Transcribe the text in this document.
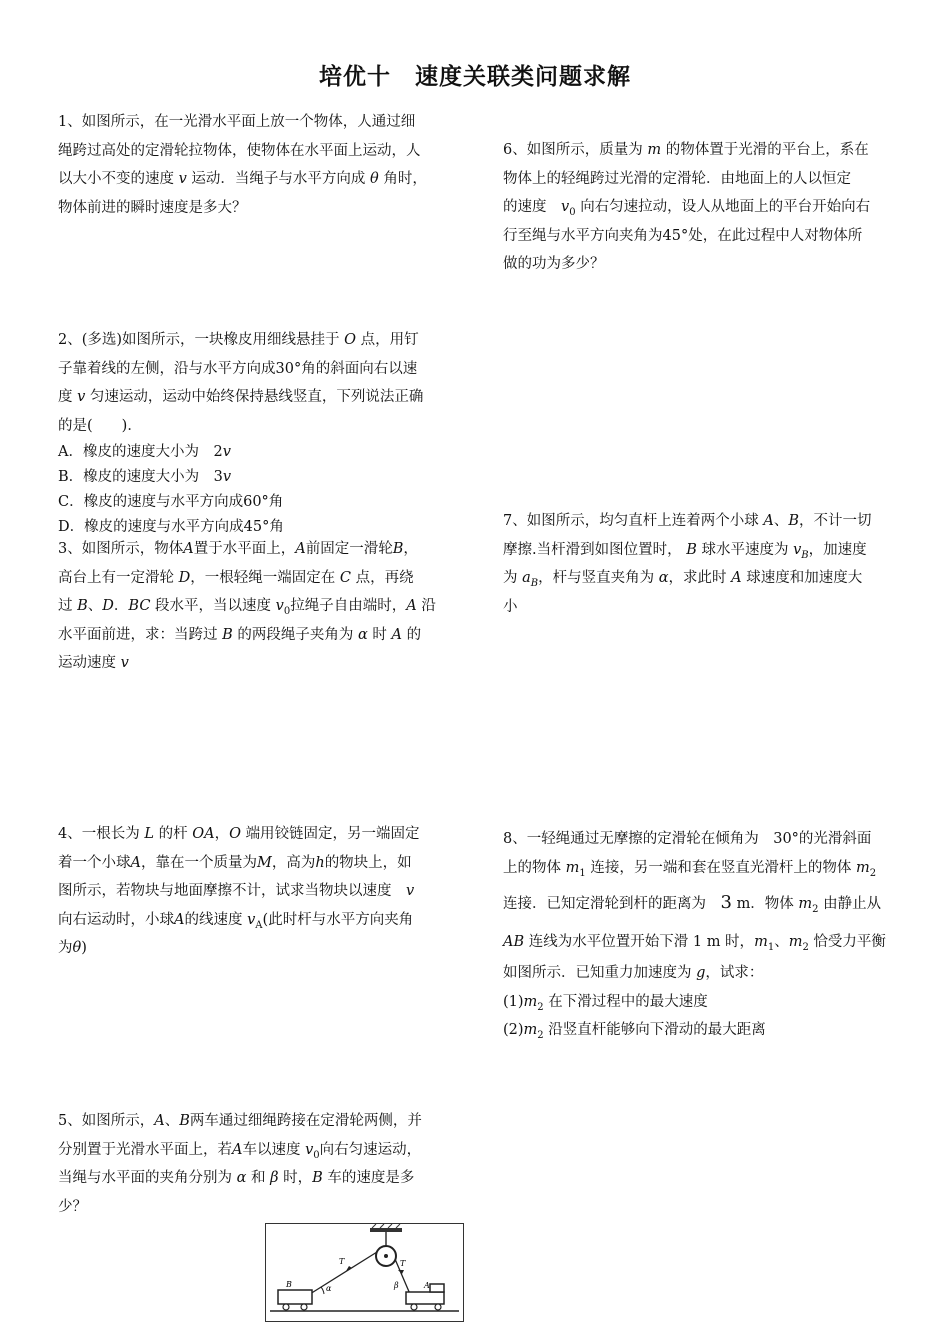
培优十　速度关联类问题求解

1、如图所示，在一光滑水平面上放一个物体，人通过细

绳跨过高处的定滑轮拉物体，使物体在水平面上运动，人

以大小不变的速度 v 运动．当绳子与水平方向成 θ 角时，

物体前进的瞬时速度是多大？

2、(多选)如图所示，一块橡皮用细线悬挂于 O 点，用钉

子靠着线的左侧，沿与水平方向成30°角的斜面向右以速

度 v 匀速运动，运动中始终保持悬线竖直，下列说法正确

的是(　　)．

A．橡皮的速度大小为　2v

B．橡皮的速度大小为　3v

C．橡皮的速度与水平方向成60°角

D．橡皮的速度与水平方向成45°角

3、如图所示，物体A置于水平面上，A前固定一滑轮B，

高台上有一定滑轮 D，一根轻绳一端固定在 C 点，再绕

过 B、D．BC 段水平，当以速度 $v_0$拉绳子自由端时，A 沿

水平面前进，求：当跨过 B 的两段绳子夹角为 α 时 A 的

运动速度 v

4、一根长为 L 的杆 OA，O 端用铰链固定，另一端固定

着一个小球A，靠在一个质量为M，高为h的物块上，如

图所示，若物块与地面摩擦不计，试求当物块以速度　 v

向右运动时，小球A的线速度 $v_A$(此时杆与水平方向夹角

为θ)

5、如图所示，A、B两车通过细绳跨接在定滑轮两侧，并

分别置于光滑水平面上，若A车以速度 $v_0$向右匀速运动，

当绳与水平面的夹角分别为 α 和 β 时，B 车的速度是多

少？

T	T
α	β
B	A

6、如图所示，质量为 m 的物体置于光滑的平台上，系在

物体上的轻绳跨过光滑的定滑轮．由地面上的人以恒定

的速度　 $v_0$ 向右匀速拉动，设人从地面上的平台开始向右

行至绳与水平方向夹角为45°处，在此过程中人对物体所

做的功为多少？

7、如图所示，均匀直杆上连着两个小球 A、B，不计一切

摩擦.当杆滑到如图位置时， B 球水平速度为 $v_B$，加速度

为 $a_B$，杆与竖直夹角为 α，求此时 A 球速度和加速度大

小

8、一轻绳通过无摩擦的定滑轮在倾角为　30°的光滑斜面

上的物体 $m_1$ 连接，另一端和套在竖直光滑杆上的物体 $m_2$

连接．已知定滑轮到杆的距离为　 3 m．物体 $m_2$ 由静止从

AB 连线为水平位置开始下滑 1 m 时，$m_1$、$m_2$ 恰受力平衡

如图所示．已知重力加速度为 g，试求：

$(1)m_2$ 在下滑过程中的最大速度

$(2)m_2$ 沿竖直杆能够向下滑动的最大距离
